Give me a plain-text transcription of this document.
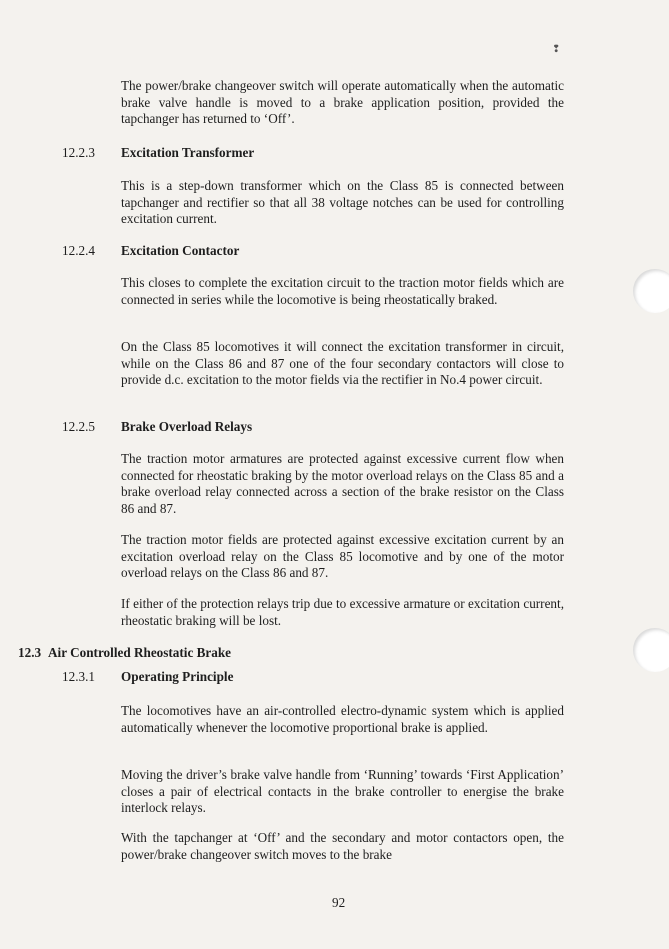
❢

The power/brake changeover switch will operate automatically when the automatic brake valve handle is moved to a brake application position, provided the tapchanger has returned to ‘Off’.

12.2.3 Excitation Transformer

This is a step-down transformer which on the Class 85 is connected between tapchanger and rectifier so that all 38 voltage notches can be used for controlling excitation current.

12.2.4 Excitation Contactor

This closes to complete the excitation circuit to the traction motor fields which are connected in series while the locomotive is being rheostatically braked.

On the Class 85 locomotives it will connect the excitation transformer in circuit, while on the Class 86 and 87 one of the four secondary contactors will close to provide d.c. excitation to the motor fields via the rectifier in No.4 power circuit.

12.2.5 Brake Overload Relays

The traction motor armatures are protected against excessive current flow when connected for rheostatic braking by the motor overload relays on the Class 85 and a brake overload relay connected across a section of the brake resistor on the Class 86 and 87.

The traction motor fields are protected against excessive excitation current by an excitation overload relay on the Class 85 locomotive and by one of the motor overload relays on the Class 86 and 87.

If either of the protection relays trip due to excessive armature or excitation current, rheostatic braking will be lost.

12.3 Air Controlled Rheostatic Brake
12.3.1 Operating Principle

The locomotives have an air-controlled electro-dynamic system which is applied automatically whenever the locomotive proportional brake is applied.

Moving the driver’s brake valve handle from ‘Running’ towards ‘First Application’ closes a pair of electrical contacts in the brake controller to energise the brake interlock relays.

With the tapchanger at ‘Off’ and the secondary and motor contactors open, the power/brake changeover switch moves to the brake

92
